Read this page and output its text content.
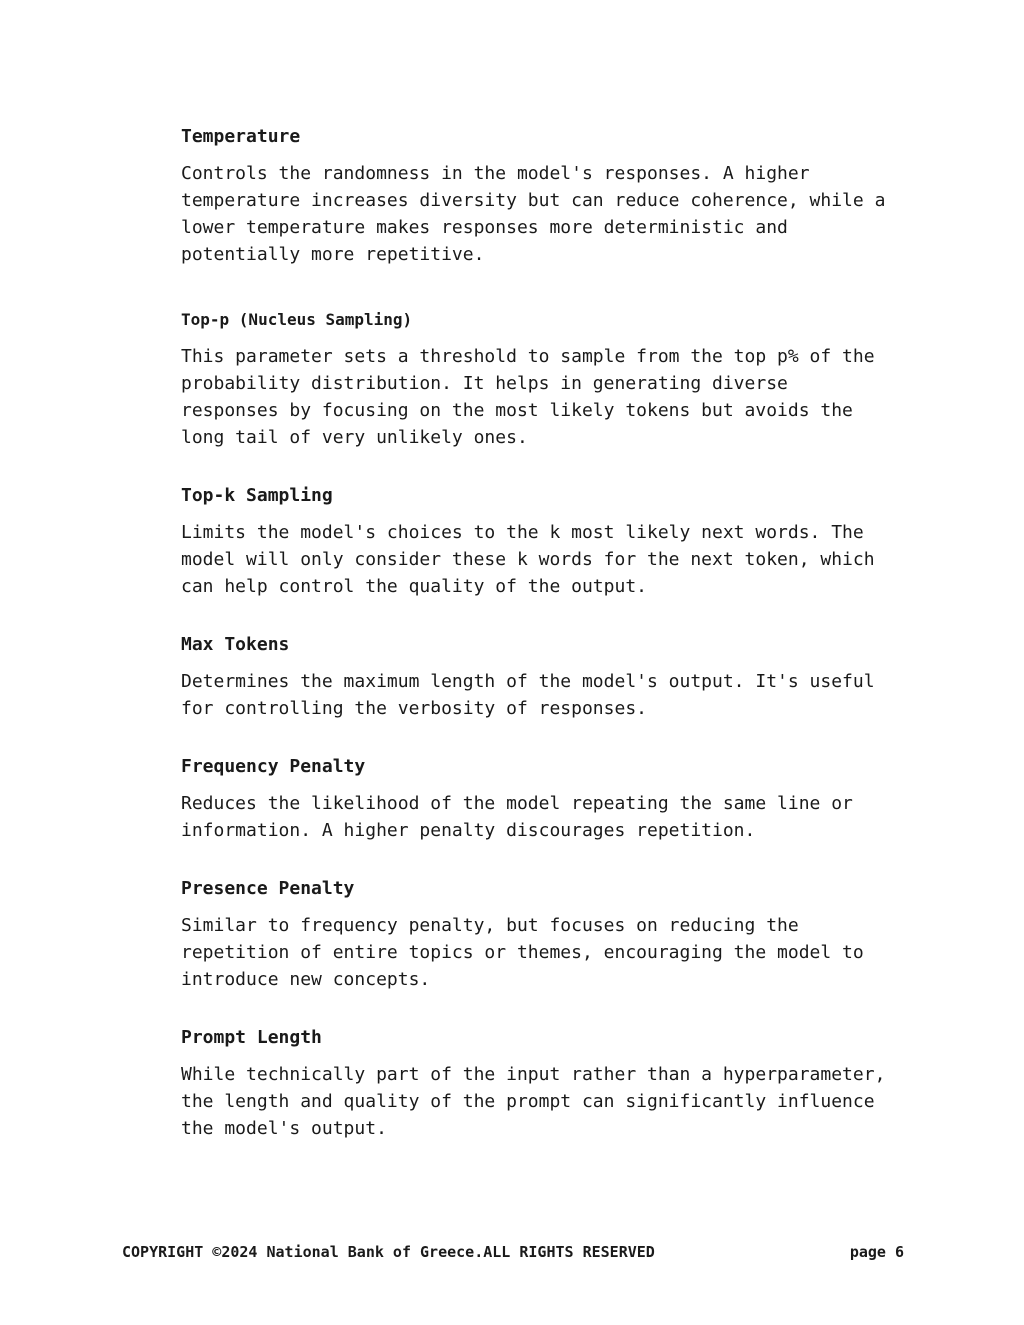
Temperature
Controls the randomness in the model's responses. A higher
temperature increases diversity but can reduce coherence, while a
lower temperature makes responses more deterministic and
potentially more repetitive.
Top-p (Nucleus Sampling)
This parameter sets a threshold to sample from the top p% of the
probability distribution. It helps in generating diverse
responses by focusing on the most likely tokens but avoids the
long tail of very unlikely ones.
Top-k Sampling
Limits the model's choices to the k most likely next words. The
model will only consider these k words for the next token, which
can help control the quality of the output.
Max Tokens
Determines the maximum length of the model's output. It's useful
for controlling the verbosity of responses.
Frequency Penalty
Reduces the likelihood of the model repeating the same line or
information. A higher penalty discourages repetition.
Presence Penalty
Similar to frequency penalty, but focuses on reducing the
repetition of entire topics or themes, encouraging the model to
introduce new concepts.
Prompt Length
While technically part of the input rather than a hyperparameter,
the length and quality of the prompt can significantly influence
the model's output.
COPYRIGHT ©2024 National Bank of Greece.ALL RIGHTS RESERVED	page 6
